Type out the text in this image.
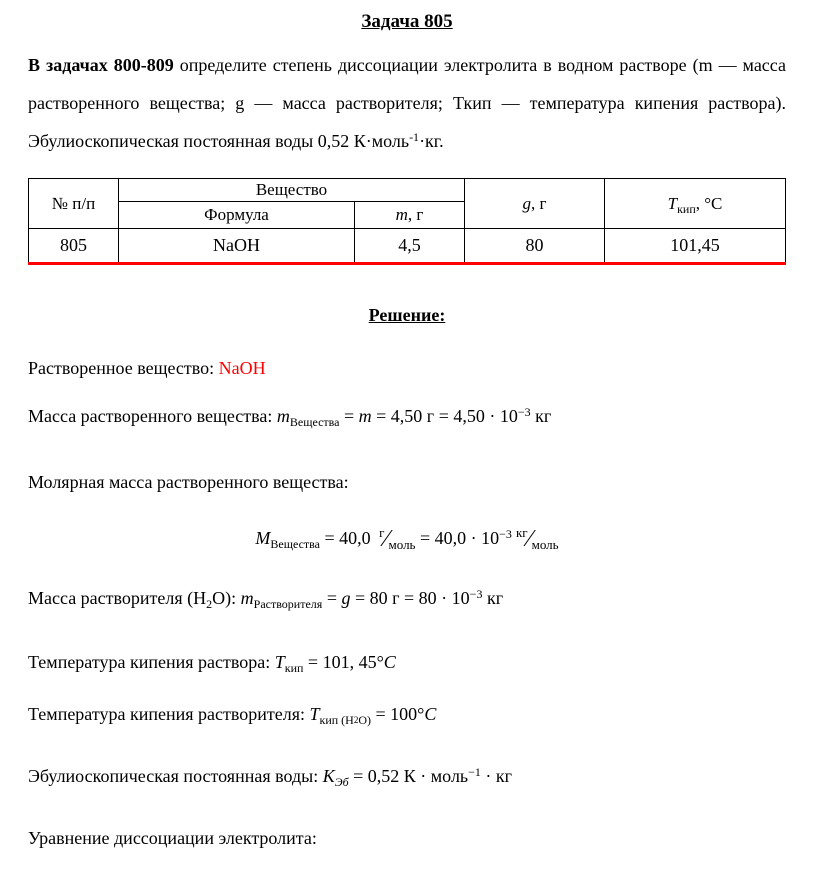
Задача 805

В задачах 800-809 определите степень диссоциации электролита в водном растворе (m — масса растворенного вещества; g — масса растворителя; Ткип — температура кипения раствора). Эбулиоскопическая постоянная воды 0,52 К·моль$^{-1}$·кг.

№ п/п	Вещество		g, г	$T_{кип}$, °C
	Формула	m, г		
805	NaOH	4,5	80	101,45
Решение:
Растворенное вещество: NaOH
Масса растворенного вещества: $m_{Вещества} = m = 4,50$ $г = 4,50 \cdot 10^{-3}$ кг
Молярная масса растворенного вещества:
$M_{Вещества} = 40,0$ $^г⁄_{моль} = 40,0 \cdot 10^{-3}$ $^{кг}⁄_{моль}$
Масса растворителя $(H_2O)$: $m_{Растворителя} = g = 80$ $г = 80 \cdot 10^{-3}$ кг
Температура кипения раствора: $T_{кип} = 101$, 45°C
Температура кипения растворителя: $T_{кип (H}2_{O)} = 100^\circ C$
Эбулиоскопическая постоянная воды: $K_{Эб} = 0,52$ К · моль$^{-1}$ · кг
Уравнение диссоциации электролита:
